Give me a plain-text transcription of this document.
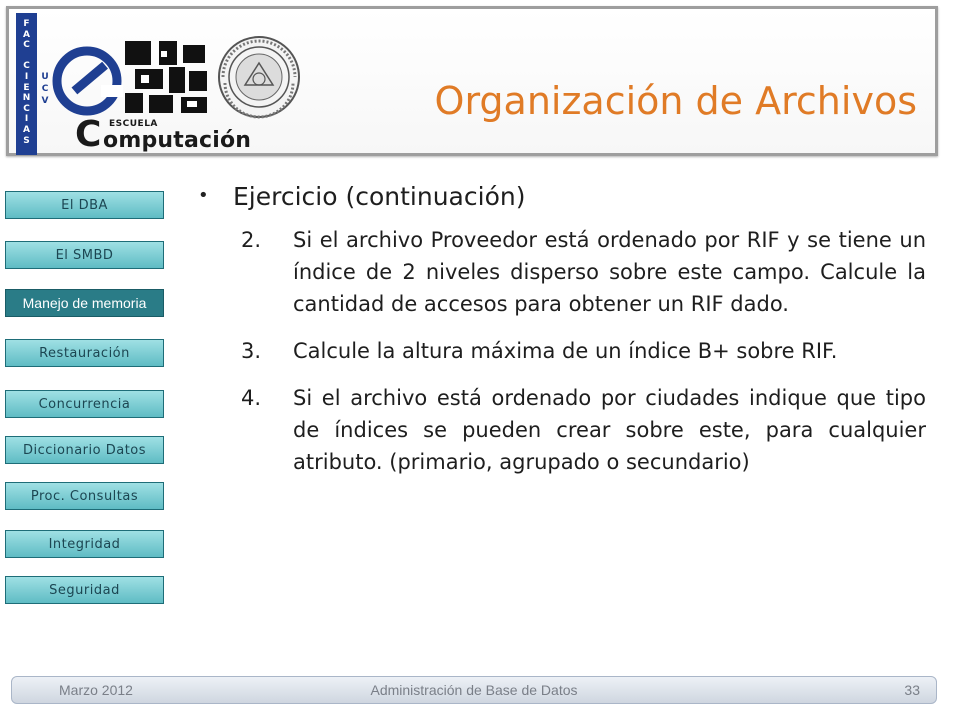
F
A
C

C
I
E
N
C
I
A
S
U
C
V
ESCUELA
C omputación
Organización de Archivos
El DBA
El SMBD
Manejo de memoria
Restauración
Concurrencia
Diccionario Datos
Proc. Consultas
Integridad
Seguridad
• Ejercicio (continuación)
2. Si el archivo Proveedor está ordenado por RIF y se tiene un índice de 2 niveles disperso sobre este campo. Calcule la cantidad de accesos para obtener un RIF dado.
3. Calcule la altura máxima de un índice B+ sobre RIF.
4. Si el archivo está ordenado por ciudades indique que tipo de índices se pueden crear sobre este, para cualquier atributo. (primario, agrupado o secundario)
Marzo 2012	Administración de Base de Datos	33
